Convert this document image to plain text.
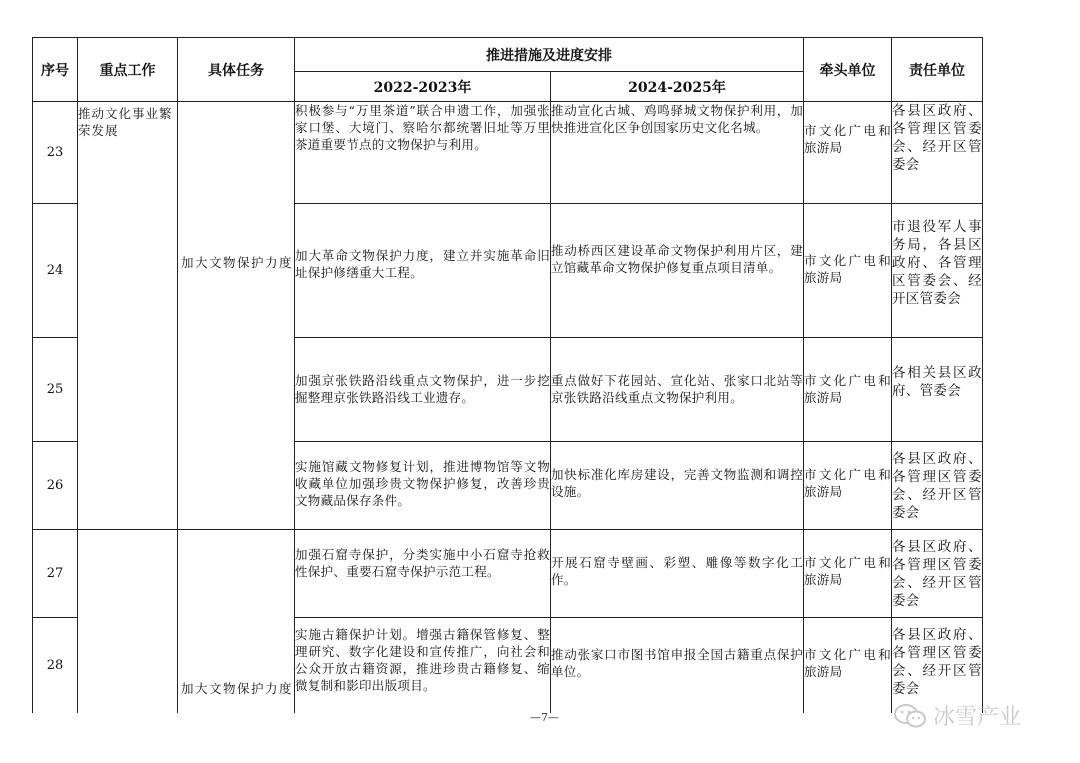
序号	重点工作	具体任务	推进措施及进度安排		牵头单位	责任单位
			2022-2023年	2024-2025年		
23	推动文化事业繁荣发展		积极参与“万里茶道”联合申遗工作，加强张家口堡、大境门、察哈尔都统署旧址等万里茶道重要节点的文物保护与利用。	推动宣化古城、鸡鸣驿城文物保护利用，加快推进宣化区争创国家历史文化名城。	市文化广电和旅游局	各县区政府、各管理区管委会、经开区管委会
24			加大革命文物保护力度，建立并实施革命旧址保护修缮重大工程。	推动桥西区建设革命文物保护利用片区，建立馆藏革命文物保护修复重点项目清单。	市文化广电和旅游局	市退役军人事务局，各县区政府、各管理区管委会、经开区管委会
25			加强京张铁路沿线重点文物保护，进一步挖掘整理京张铁路沿线工业遗存。	重点做好下花园站、宣化站、张家口北站等京张铁路沿线重点文物保护利用。	市文化广电和旅游局	各相关县区政府、管委会
26			实施馆藏文物修复计划，推进博物馆等文物收藏单位加强珍贵文物保护修复，改善珍贵文物藏品保存条件。	加快标准化库房建设，完善文物监测和调控设施。	市文化广电和旅游局	各县区政府、各管理区管委会、经开区管委会
27			加强石窟寺保护，分类实施中小石窟寺抢救性保护、重要石窟寺保护示范工程。	开展石窟寺壁画、彩塑、雕像等数字化工作。	市文化广电和旅游局	各县区政府、各管理区管委会、经开区管委会
28			实施古籍保护计划。增强古籍保管修复、整理研究、数字化建设和宣传推广，向社会和公众开放古籍资源，推进珍贵古籍修复、缩微复制和影印出版项目。	推动张家口市图书馆申报全国古籍重点保护单位。	市文化广电和旅游局	各县区政府、各管理区管委会、经开区管委会
加大文物保护力度
加大文物保护力度
—7—	冰雪产业
